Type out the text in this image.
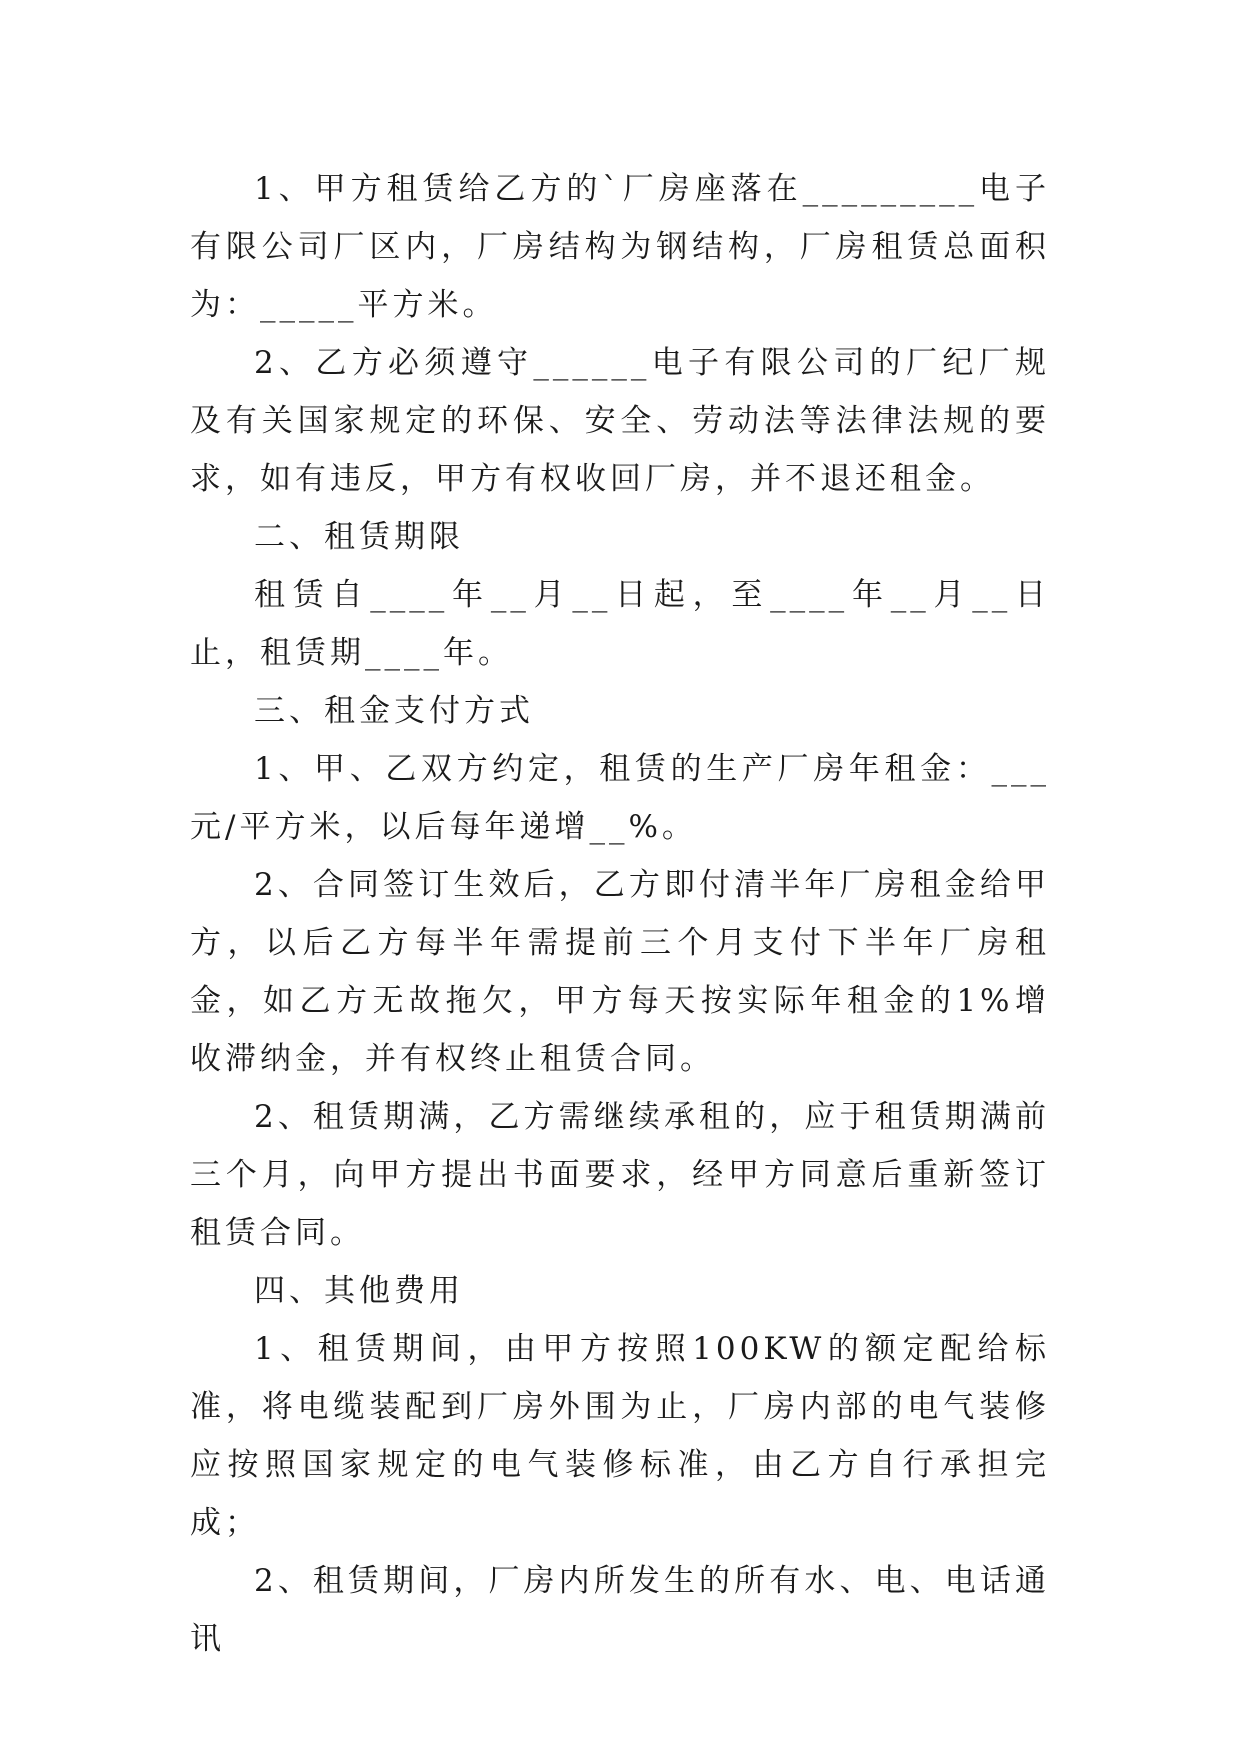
1、甲方租赁给乙方的`厂房座落在_________电子有限公司厂区内，厂房结构为钢结构，厂房租赁总面积为：_____平方米。

2、乙方必须遵守______电子有限公司的厂纪厂规及有关国家规定的环保、安全、劳动法等法律法规的要求，如有违反，甲方有权收回厂房，并不退还租金。

二、租赁期限

租赁自____年__月__日起，至____年__月__日止，租赁期____年。

三、租金支付方式

1、甲、乙双方约定，租赁的生产厂房年租金：___元/平方米，以后每年递增__%。

2、合同签订生效后，乙方即付清半年厂房租金给甲方，以后乙方每半年需提前三个月支付下半年厂房租金，如乙方无故拖欠，甲方每天按实际年租金的1%增收滞纳金，并有权终止租赁合同。

2、租赁期满，乙方需继续承租的，应于租赁期满前三个月，向甲方提出书面要求，经甲方同意后重新签订租赁合同。

四、其他费用

1、租赁期间，由甲方按照100KW的额定配给标准，将电缆装配到厂房外围为止，厂房内部的电气装修应按照国家规定的电气装修标准，由乙方自行承担完成；

2、租赁期间，厂房内所发生的所有水、电、电话通讯
